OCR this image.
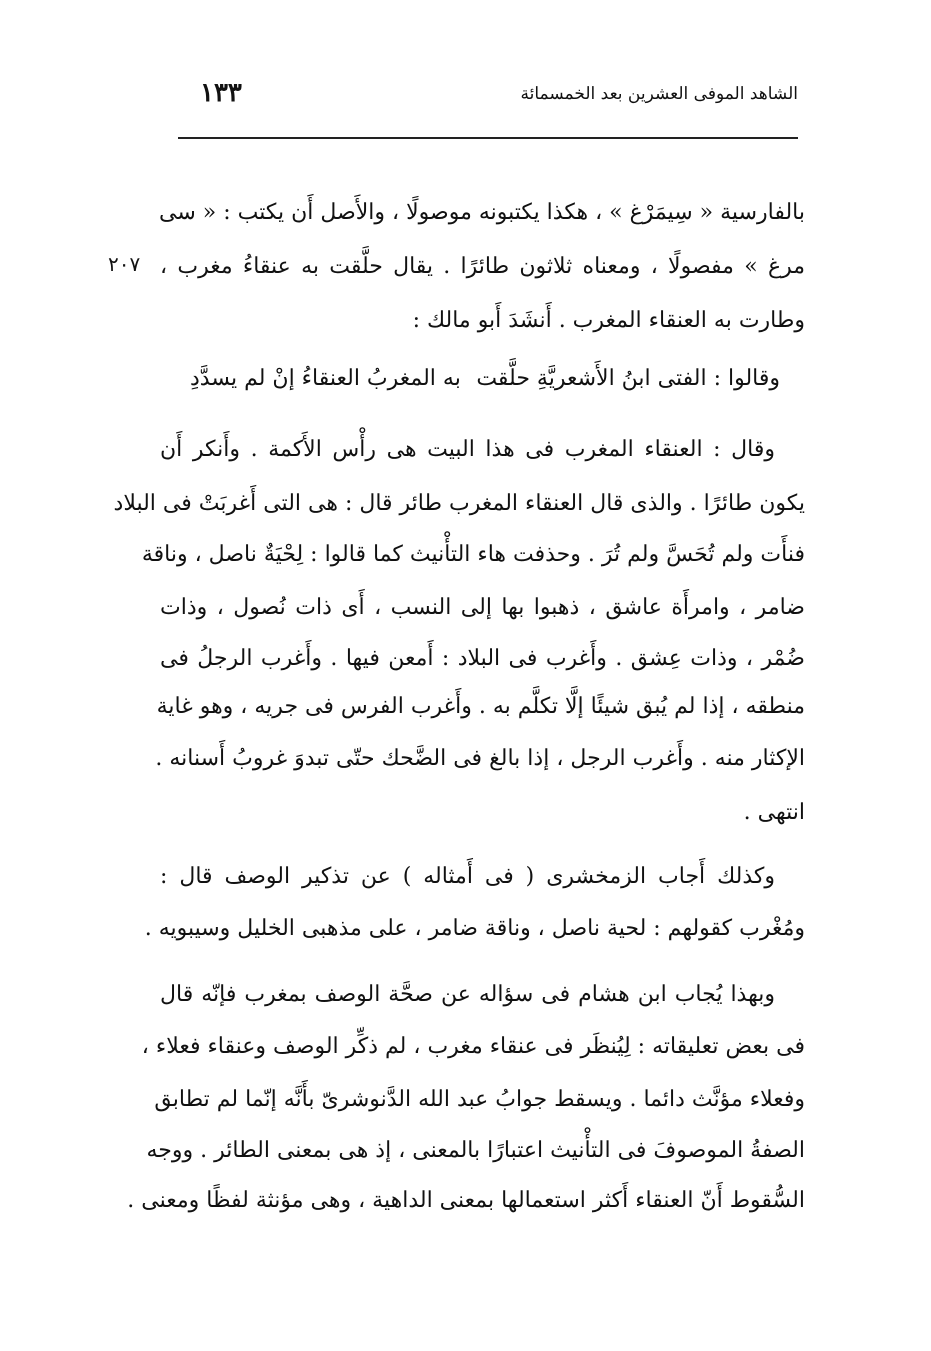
الشاهد الموفى العشرين بعد الخمسمائة
١٣٣
٢٠٧
بالفارسية « سِيمَرْغ » ، هكذا يكتبونه موصولًا ، والأَصل أَن يكتب : « سى
مرغ » مفصولًا ، ومعناه ثلاثون طائرًا . يقال حلَّقت به عنقاءُ مغرب ،
وطارت به العنقاء المغرب . أَنشَدَ أَبو مالك :
وقالوا : الفتى ابنُ الأَشعريَّةِ حلَّقت
به المغربُ العنقاءُ إنْ لم يسدَّدِ
وقال : العنقاء المغرب فى هذا البيت هى رأْس الأَكمة . وأَنكر أَن
يكون طائرًا . والذى قال العنقاء المغرب طائر قال : هى التى أَغربَتْ فى البلاد
فنأَت ولم تُحَسَّ ولم تُرَ . وحذفت هاء التأْنيث كما قالوا : لِحْيَةٌ ناصل ، وناقة
ضامر ، وامرأَة عاشق ، ذهبوا بها إلى النسب ، أَى ذات نُصول ، وذات
ضُمْر ، وذات عِشق . وأَغرب فى البلاد : أَمعن فيها . وأَغرب الرجلُ فى
منطقه ، إذا لم يُبق شيئًا إلَّا تكلَّم به . وأَغرب الفرس فى جريه ، وهو غاية
الإكثار منه . وأَغرب الرجل ، إذا بالغ فى الضَّحك حتّى تبدوَ غروبُ أَسنانه .
انتهى .
وكذلك أَجاب الزمخشرى ( فى أَمثاله ) عن تذكير الوصف قال :
ومُغْرب كقولهم : لحية ناصل ، وناقة ضامر ، على مذهبى الخليل وسيبويه .
وبهذا يُجاب ابن هشام فى سؤاله عن صحَّة الوصف بمغرب فإنّه قال
فى بعض تعليقاته : لِيُنظَر فى عنقاء مغرب ، لم ذكِّر الوصف وعنقاء فعلاء ،
وفعلاء مؤنَّث دائما . ويسقط جوابُ عبد الله الدَّنوشرىّ بأَنَّه إنّما لم تطابق
الصفةُ الموصوفَ فى التأْنيث اعتبارًا بالمعنى ، إذ هى بمعنى الطائر . ووجه
السُّقوط أَنّ العنقاء أَكثر استعمالها بمعنى الداهية ، وهى مؤنثة لفظًا ومعنى .
